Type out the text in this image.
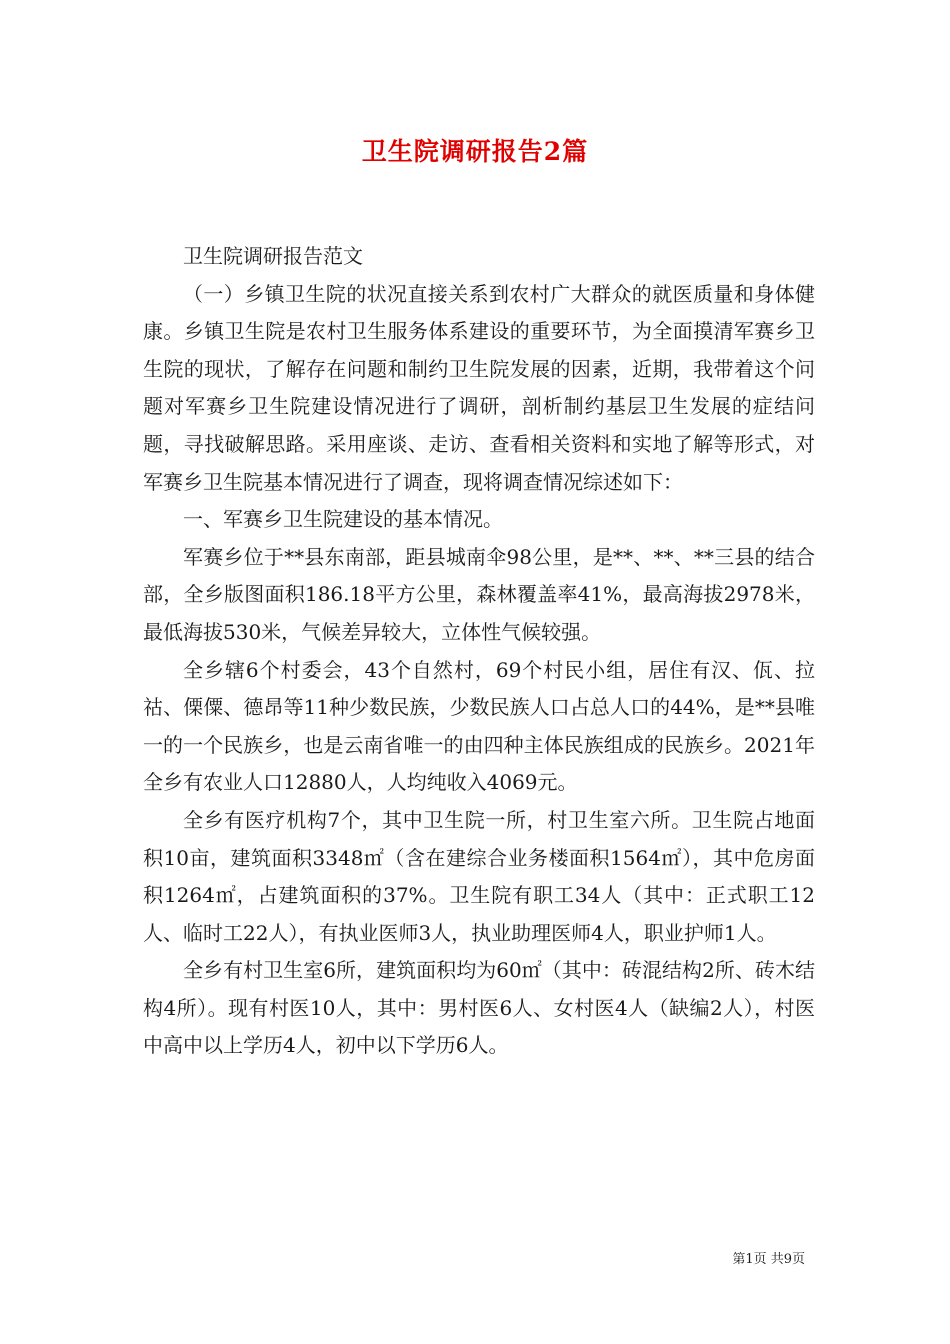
卫生院调研报告2篇

卫生院调研报告范文

（一）乡镇卫生院的状况直接关系到农村广大群众的就医质量和身体健康。乡镇卫生院是农村卫生服务体系建设的重要环节，为全面摸清军赛乡卫生院的现状，了解存在问题和制约卫生院发展的因素，近期，我带着这个问题对军赛乡卫生院建设情况进行了调研，剖析制约基层卫生发展的症结问题，寻找破解思路。采用座谈、走访、查看相关资料和实地了解等形式，对军赛乡卫生院基本情况进行了调查，现将调查情况综述如下：

一、军赛乡卫生院建设的基本情况。

军赛乡位于**县东南部，距县城南伞98公里，是**、**、**三县的结合部，全乡版图面积186.18平方公里，森林覆盖率41%，最高海拔2978米，最低海拔530米，气候差异较大，立体性气候较强。

全乡辖6个村委会，43个自然村，69个村民小组，居住有汉、佤、拉祜、傈僳、德昂等11种少数民族，少数民族人口占总人口的44%，是**县唯一的一个民族乡，也是云南省唯一的由四种主体民族组成的民族乡。2021年全乡有农业人口12880人，人均纯收入4069元。

全乡有医疗机构7个，其中卫生院一所，村卫生室六所。卫生院占地面积10亩，建筑面积3348㎡（含在建综合业务楼面积1564㎡），其中危房面积1264㎡，占建筑面积的37%。卫生院有职工34人（其中：正式职工12人、临时工22人），有执业医师3人，执业助理医师4人，职业护师1人。

全乡有村卫生室6所，建筑面积均为60㎡（其中：砖混结构2所、砖木结构4所）。现有村医10人，其中：男村医6人、女村医4人（缺编2人），村医中高中以上学历4人，初中以下学历6人。

第1页 共9页
